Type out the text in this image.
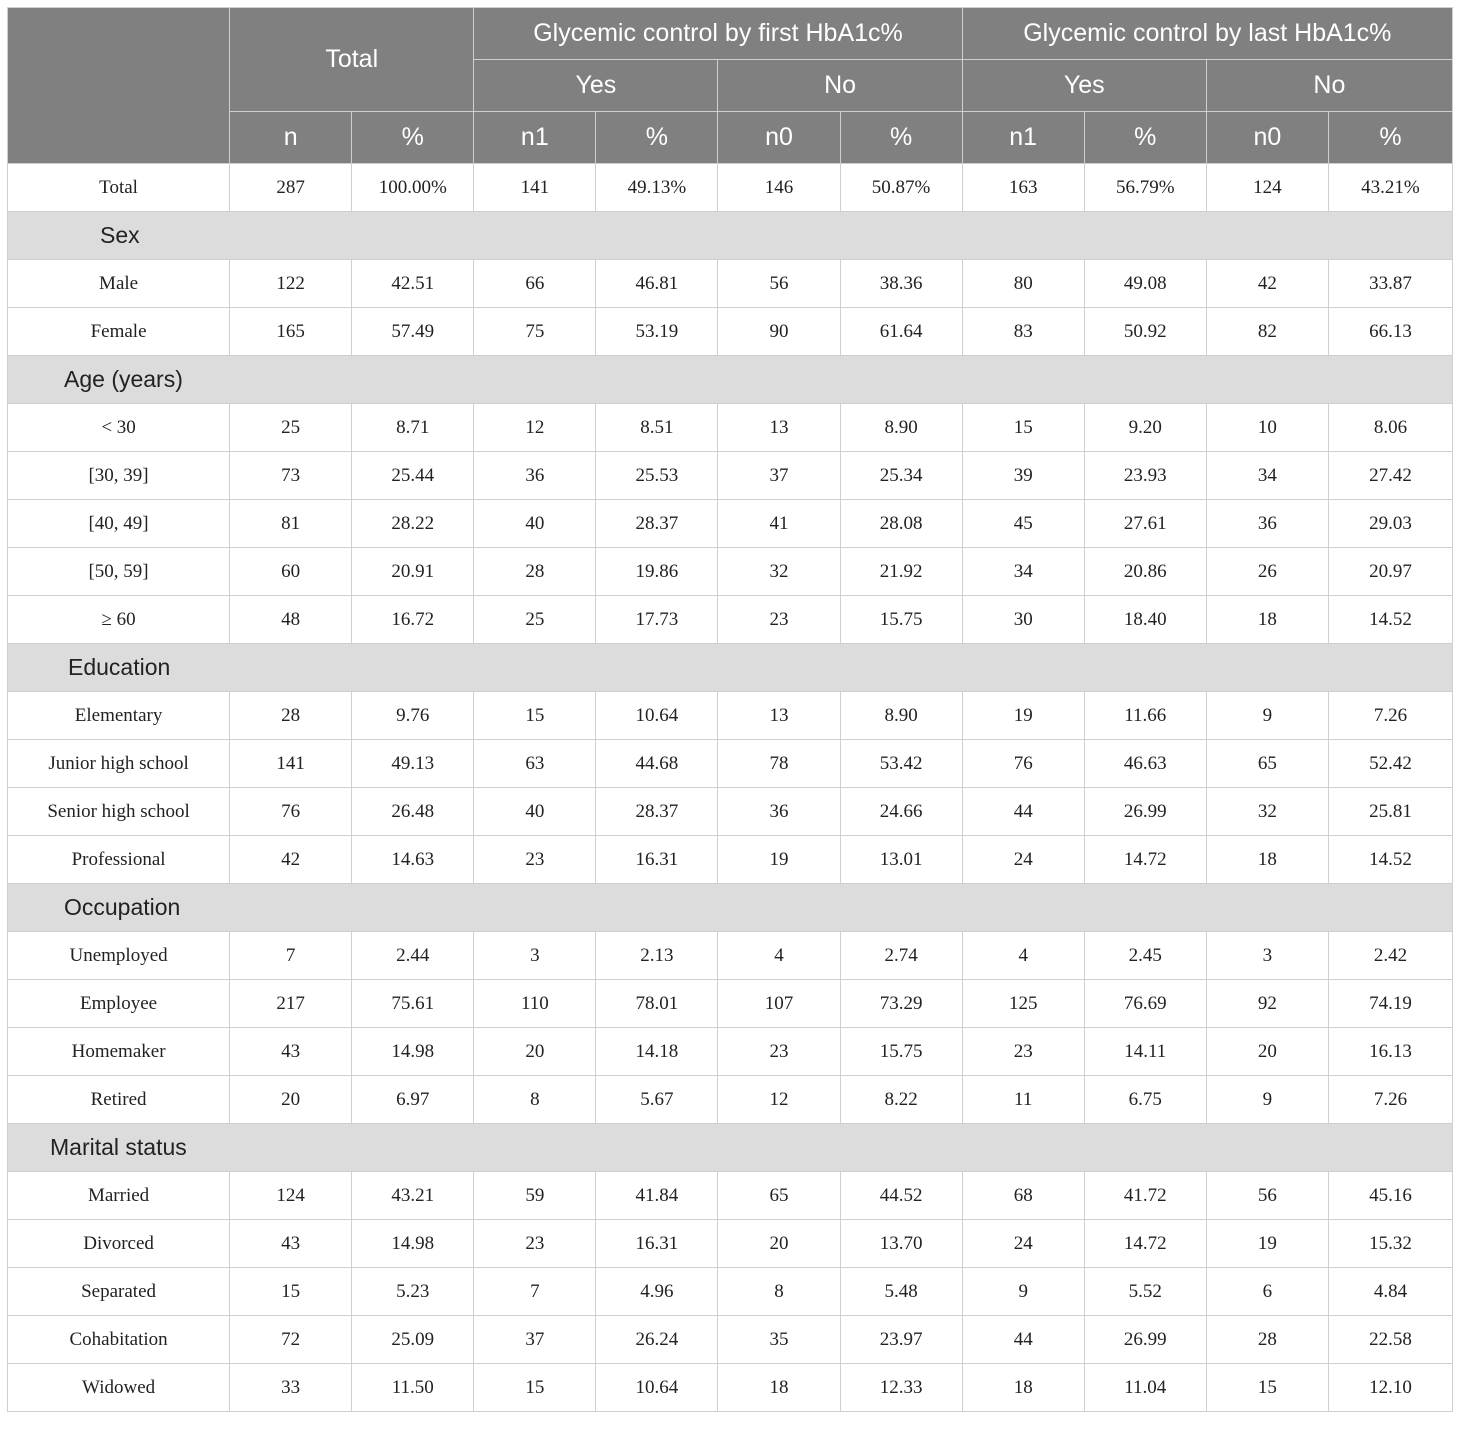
	Total		Glycemic control by first HbA1c%				Glycemic control by last HbA1c%			
			Yes		No		Yes		No	
	n	%	n1	%	n0	%	n1	%	n0	%
Total	287	100.00%	141	49.13%	146	50.87%	163	56.79%	124	43.21%
Sex										
Male	122	42.51	66	46.81	56	38.36	80	49.08	42	33.87
Female	165	57.49	75	53.19	90	61.64	83	50.92	82	66.13
Age (years)										
< 30	25	8.71	12	8.51	13	8.90	15	9.20	10	8.06
[30, 39]	73	25.44	36	25.53	37	25.34	39	23.93	34	27.42
[40, 49]	81	28.22	40	28.37	41	28.08	45	27.61	36	29.03
[50, 59]	60	20.91	28	19.86	32	21.92	34	20.86	26	20.97
≥ 60	48	16.72	25	17.73	23	15.75	30	18.40	18	14.52
Education										
Elementary	28	9.76	15	10.64	13	8.90	19	11.66	9	7.26
Junior high school	141	49.13	63	44.68	78	53.42	76	46.63	65	52.42
Senior high school	76	26.48	40	28.37	36	24.66	44	26.99	32	25.81
Professional	42	14.63	23	16.31	19	13.01	24	14.72	18	14.52
Occupation										
Unemployed	7	2.44	3	2.13	4	2.74	4	2.45	3	2.42
Employee	217	75.61	110	78.01	107	73.29	125	76.69	92	74.19
Homemaker	43	14.98	20	14.18	23	15.75	23	14.11	20	16.13
Retired	20	6.97	8	5.67	12	8.22	11	6.75	9	7.26
Marital status										
Married	124	43.21	59	41.84	65	44.52	68	41.72	56	45.16
Divorced	43	14.98	23	16.31	20	13.70	24	14.72	19	15.32
Separated	15	5.23	7	4.96	8	5.48	9	5.52	6	4.84
Cohabitation	72	25.09	37	26.24	35	23.97	44	26.99	28	22.58
Widowed	33	11.50	15	10.64	18	12.33	18	11.04	15	12.10
